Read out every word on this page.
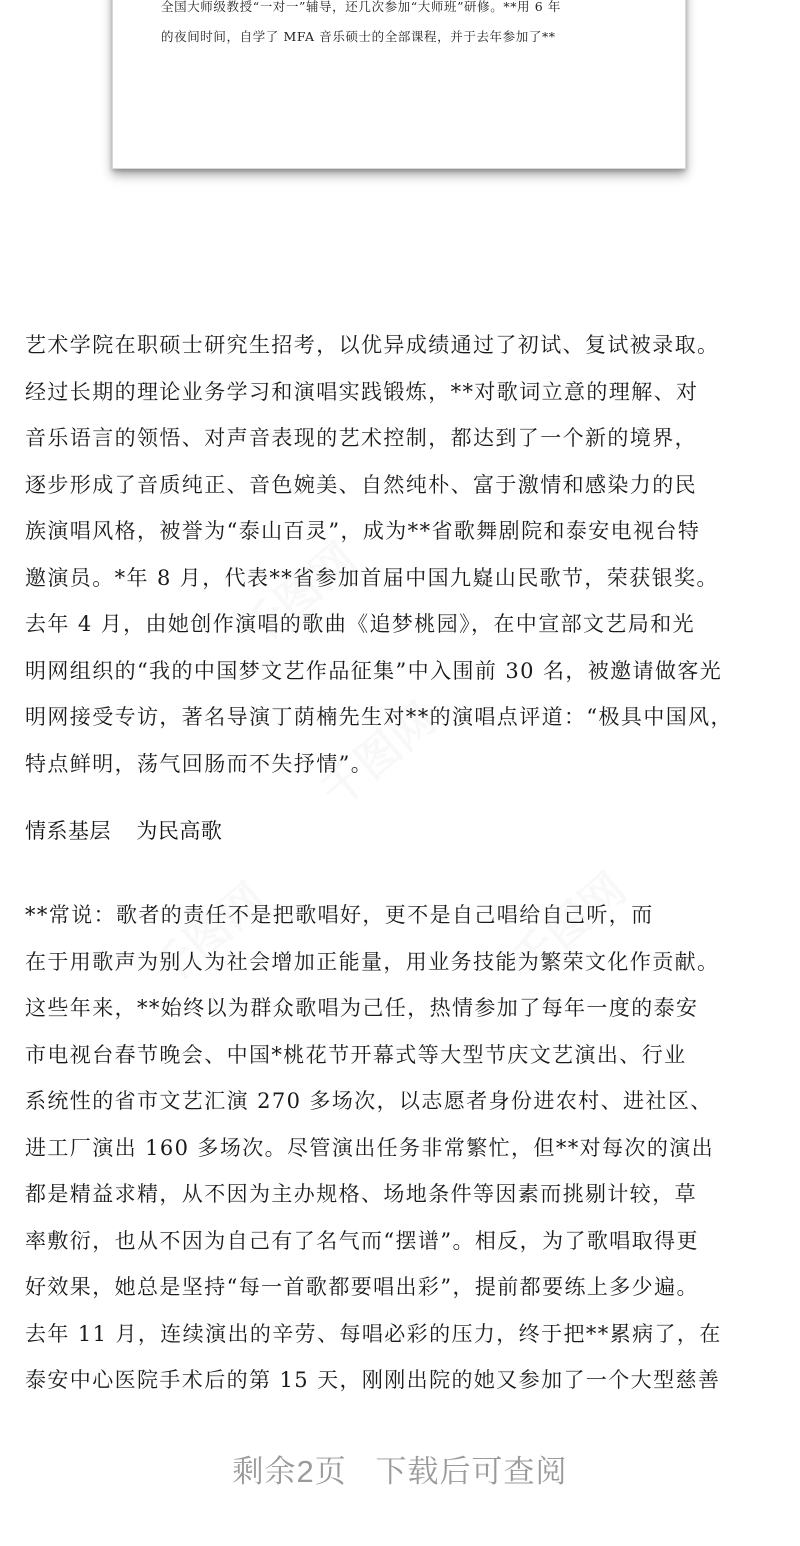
全国大师级教授“一对一”辅导，还几次参加“大师班”研修。**用 6 年
的夜间时间，自学了 MFA 音乐硕士的全部课程，并于去年参加了**
千图网
千图网
千图网	千图网
艺术学院在职硕士研究生招考，以优异成绩通过了初试、复试被录取。
经过长期的理论业务学习和演唱实践锻炼，**对歌词立意的理解、对
音乐语言的领悟、对声音表现的艺术控制，都达到了一个新的境界，
逐步形成了音质纯正、音色婉美、自然纯朴、富于激情和感染力的民
族演唱风格，被誉为“泰山百灵”，成为**省歌舞剧院和泰安电视台特
邀演员。*年 8 月，代表**省参加首届中国九嶷山民歌节，荣获银奖。
去年 4 月，由她创作演唱的歌曲《追梦桃园》，在中宣部文艺局和光
明网组织的“我的中国梦文艺作品征集”中入围前 30 名，被邀请做客光
明网接受专访，著名导演丁荫楠先生对**的演唱点评道：“极具中国风，
特点鲜明，荡气回肠而不失抒情”。
情系基层    为民高歌
**常说：歌者的责任不是把歌唱好，更不是自己唱给自己听，而
在于用歌声为别人为社会增加正能量，用业务技能为繁荣文化作贡献。
这些年来，**始终以为群众歌唱为己任，热情参加了每年一度的泰安
市电视台春节晚会、中国*桃花节开幕式等大型节庆文艺演出、行业
系统性的省市文艺汇演 270 多场次，以志愿者身份进农村、进社区、
进工厂演出 160 多场次。尽管演出任务非常繁忙，但**对每次的演出
都是精益求精，从不因为主办规格、场地条件等因素而挑剔计较，草
率敷衍，也从不因为自己有了名气而“摆谱”。相反，为了歌唱取得更
好效果，她总是坚持“每一首歌都要唱出彩”，提前都要练上多少遍。
去年 11 月，连续演出的辛劳、每唱必彩的压力，终于把**累病了，在
泰安中心医院手术后的第 15 天，刚刚出院的她又参加了一个大型慈善
剩余2页   下载后可查阅
